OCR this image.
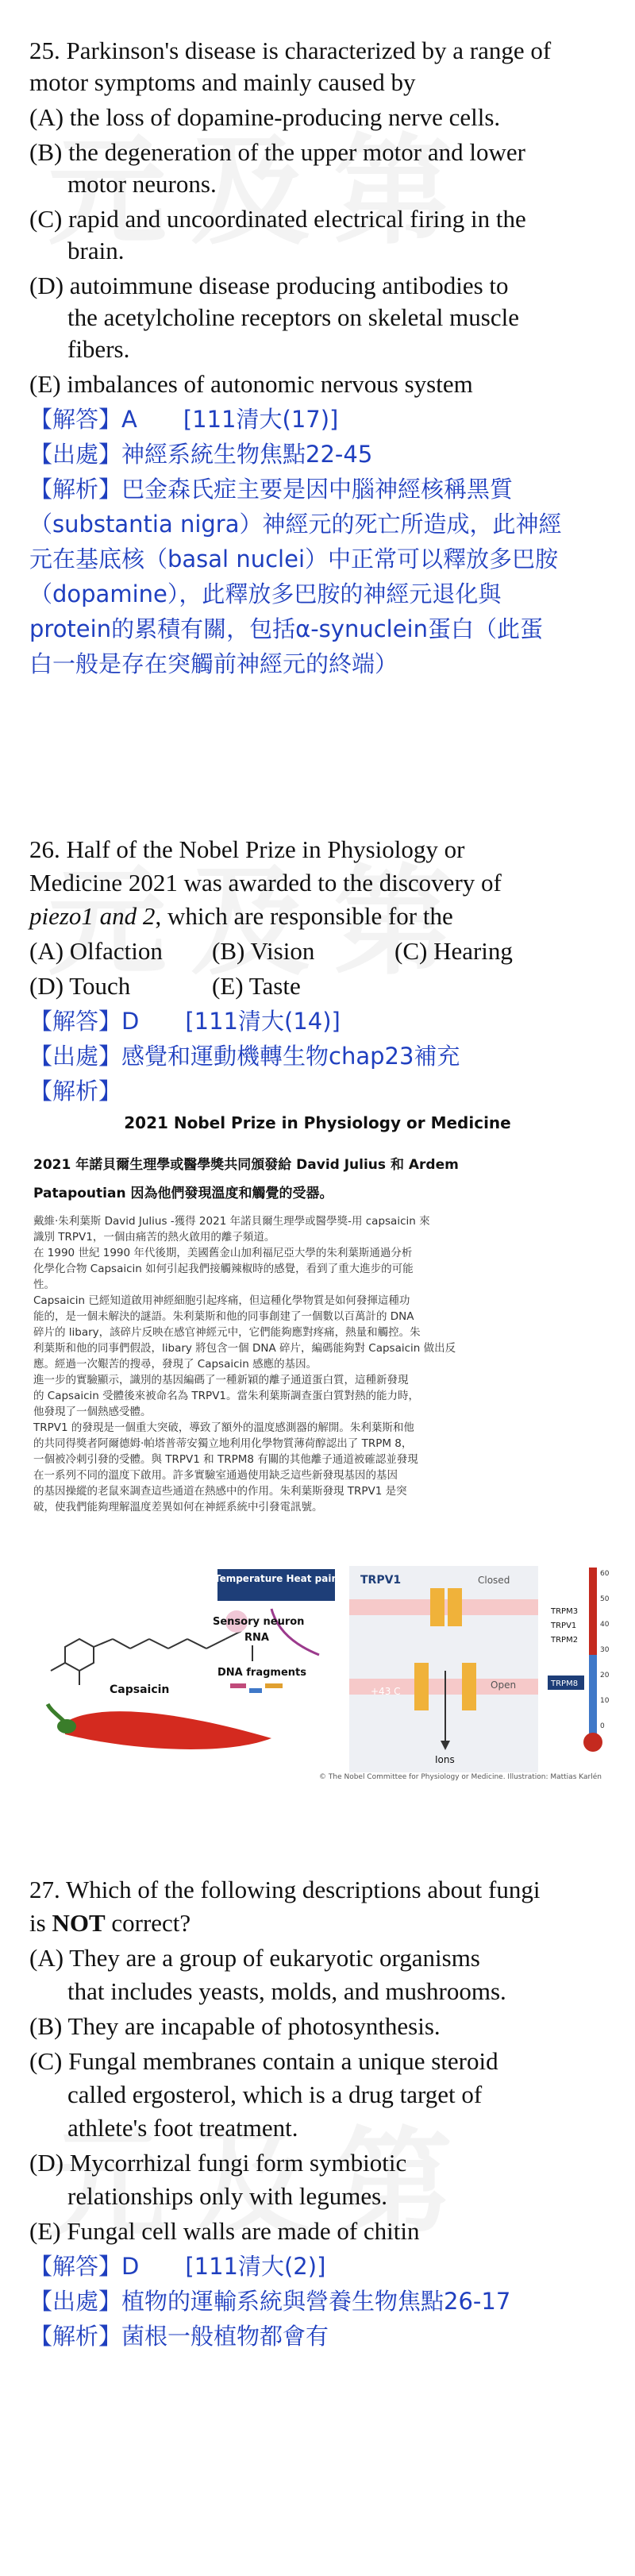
25. Parkinson's disease is characterized by a range of
motor symptoms and mainly caused by
(A) the loss of dopamine-producing nerve cells.
(B) the degeneration of the upper motor and lower
motor neurons.
(C) rapid and uncoordinated electrical firing in the
brain.
(D) autoimmune disease producing antibodies to
the acetylcholine receptors on skeletal muscle
fibers.
(E) imbalances of autonomic nervous system
【解答】A　　[111清大(17)]
【出處】神經系統生物焦點22-45
【解析】巴金森氏症主要是因中腦神經核稱黑質
（substantia nigra）神經元的死亡所造成，此神經
元在基底核（basal nuclei）中正常可以釋放多巴胺
（dopamine），此釋放多巴胺的神經元退化與
protein的累積有關，包括α-synuclein蛋白（此蛋
白一般是存在突觸前神經元的終端）
26. Half of the Nobel Prize in Physiology or
Medicine 2021 was awarded to the discovery of
piezo1 and 2, which are responsible for the
(A) Olfaction (B) Vision	(C) Hearing
(D) Touch	(E) Taste
【解答】D　　[111清大(14)]
【出處】感覺和運動機轉生物chap23補充
【解析】
2021 Nobel Prize in Physiology or Medicine
2021 年諾貝爾生理學或醫學獎共同頒發給 David Julius 和 Ardem
Patapoutian 因為他們發現溫度和觸覺的受器。
戴維·朱利葉斯 David Julius -獲得 2021 年諾貝爾生理學或醫學獎-用 capsaicin 來
識別 TRPV1，一個由痛苦的熱火啟用的離子頻道。
在 1990 世紀 1990 年代後期，美國舊金山加利福尼亞大學的朱利葉斯通過分析
化學化合物 Capsaicin 如何引起我們接觸辣椒時的感覺，看到了重大進步的可能
性。
Capsaicin 已經知道啟用神經細胞引起疼痛，但這種化學物質是如何發揮這種功
能的，是一個未解決的謎語。朱利葉斯和他的同事創建了一個數以百萬計的 DNA
碎片的 libary，該碎片反映在感官神經元中，它們能夠應對疼痛，熱量和觸控。朱
利葉斯和他的同事們假設，libary 將包含一個 DNA 碎片，編碼能夠對 Capsaicin 做出反
應。經過一次艱苦的搜尋，發現了 Capsaicin 感應的基因。
進一步的實驗顯示，識別的基因編碼了一種新穎的離子通道蛋白質，這種新發現
的 Capsaicin 受體後來被命名為 TRPV1。當朱利葉斯調查蛋白質對熱的能力時，
他發現了一個熱感受體。
TRPV1 的發現是一個重大突破，導致了額外的溫度感測器的解開。朱利葉斯和他
的共同得獎者阿爾德姆·帕塔普蒂安獨立地利用化學物質薄荷醇認出了 TRPM 8，
一個被冷刺引發的受體。與 TRPV1 和 TRPM8 有關的其他離子通道被確認並發現
在一系列不同的溫度下啟用。許多實驗室通過使用缺乏這些新發現基因的基因
的基因操縱的老鼠來調查這些通道在熱感中的作用。朱利葉斯發現 TRPV1 是突
破，使我們能夠理解溫度差異如何在神經系統中引發電訊號。
Capsaicin
Temperature Heat pain
Sensory neuron
RNA
DNA fragments
TRPV1	Closed
+43 C
Open
Ions
TRPM3
TRPV1
TRPM2
TRPM8
60
50
40
30
20
10
0
© The Nobel Committee for Physiology or Medicine. Illustration: Mattias Karlén
27. Which of the following descriptions about fungi
is NOT correct?
(A) They are a group of eukaryotic organisms
that includes yeasts, molds, and mushrooms.
(B) They are incapable of photosynthesis.
(C) Fungal membranes contain a unique steroid
called ergosterol, which is a drug target of
athlete's foot treatment.
(D) Mycorrhizal fungi form symbiotic
relationships only with legumes.
(E) Fungal cell walls are made of chitin
【解答】D　　[111清大(2)]
【出處】植物的運輸系統與營養生物焦點26-17
【解析】菌根一般植物都會有
